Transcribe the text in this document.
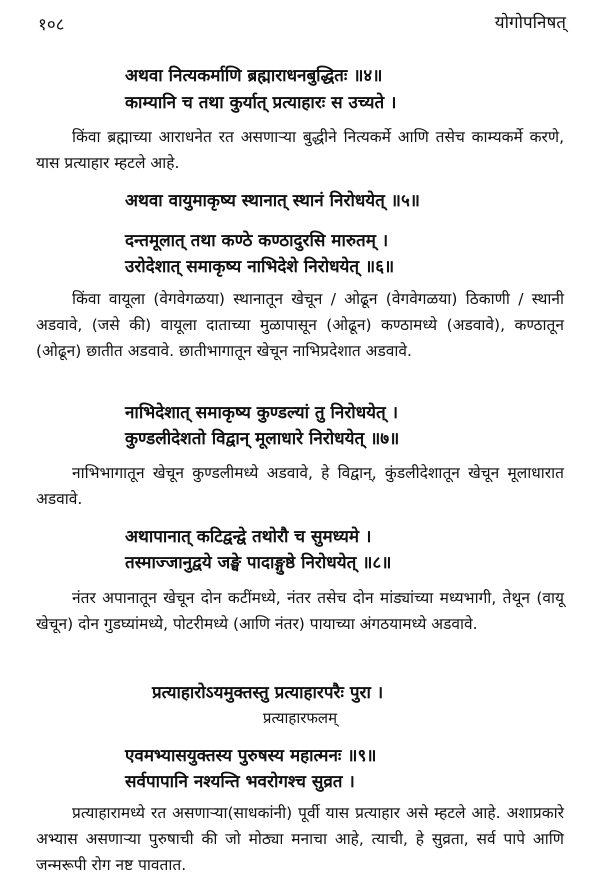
१०८	योगोपनिषत्
अथवा नित्यकर्माणि ब्रह्माराधनबुद्धितः ॥४॥
काम्यानि च तथा कुर्यात् प्रत्याहारः स उच्यते ।
किंवा ब्रह्माच्या आराधनेत रत असणाऱ्या बुद्धीने नित्यकर्मे आणि तसेच काम्यकर्मे करणे, यास प्रत्याहार म्हटले आहे.
अथवा वायुमाकृष्य स्थानात् स्थानं निरोधयेत् ॥५॥
दन्तमूलात् तथा कण्ठे कण्ठादुरसि मारुतम् ।
उरोदेशात् समाकृष्य नाभिदेशे निरोधयेत् ॥६॥
किंवा वायूला (वेगवेगळया) स्थानातून खेचून / ओढून (वेगवेगळया) ठिकाणी / स्थानी अडवावे, (जसे की) वायूला दाताच्या मुळापासून (ओढून) कण्ठामध्ये (अडवावे), कण्ठातून (ओढून) छातीत अडवावे. छातीभागातून खेचून नाभिप्रदेशात अडवावे.
नाभिदेशात् समाकृष्य कुण्डल्यां तु निरोधयेत् ।
कुण्डलीदेशतो विद्वान् मूलाधारे निरोधयेत् ॥७॥
नाभिभागातून खेचून कुण्डलीमध्ये अडवावे, हे विद्वान्, कुंडलीदेशातून खेचून मूलाधारात अडवावे.
अथापानात् कटिद्वन्द्वे तथोरौ च सुमध्यमे ।
तस्माज्जानुद्वये जङ्घे पादाङ्गुष्ठे निरोधयेत् ॥८॥
नंतर अपानातून खेचून दोन कटींमध्ये, नंतर तसेच दोन मांड्यांच्या मध्यभागी, तेथून (वायू खेचून) दोन गुडघ्यांमध्ये, पोटरीमध्ये (आणि नंतर) पायाच्या अंगठयामध्ये अडवावे.
प्रत्याहारोऽयमुक्तस्तु प्रत्याहारपरैः पुरा ।
प्रत्याहारफलम्
एवमभ्यासयुक्तस्य पुरुषस्य महात्मनः ॥९॥
सर्वपापानि नश्यन्ति भवरोगश्च सुव्रत ।
प्रत्याहारामध्ये रत असणाऱ्या(साधकांनी) पूर्वी यास प्रत्याहार असे म्हटले आहे. अशाप्रकारे अभ्यास असणाऱ्या पुरुषाची की जो मोठ्या मनाचा आहे, त्याची, हे सुव्रता, सर्व पापे आणि जन्मरूपी रोग नष्ट पावतात.
